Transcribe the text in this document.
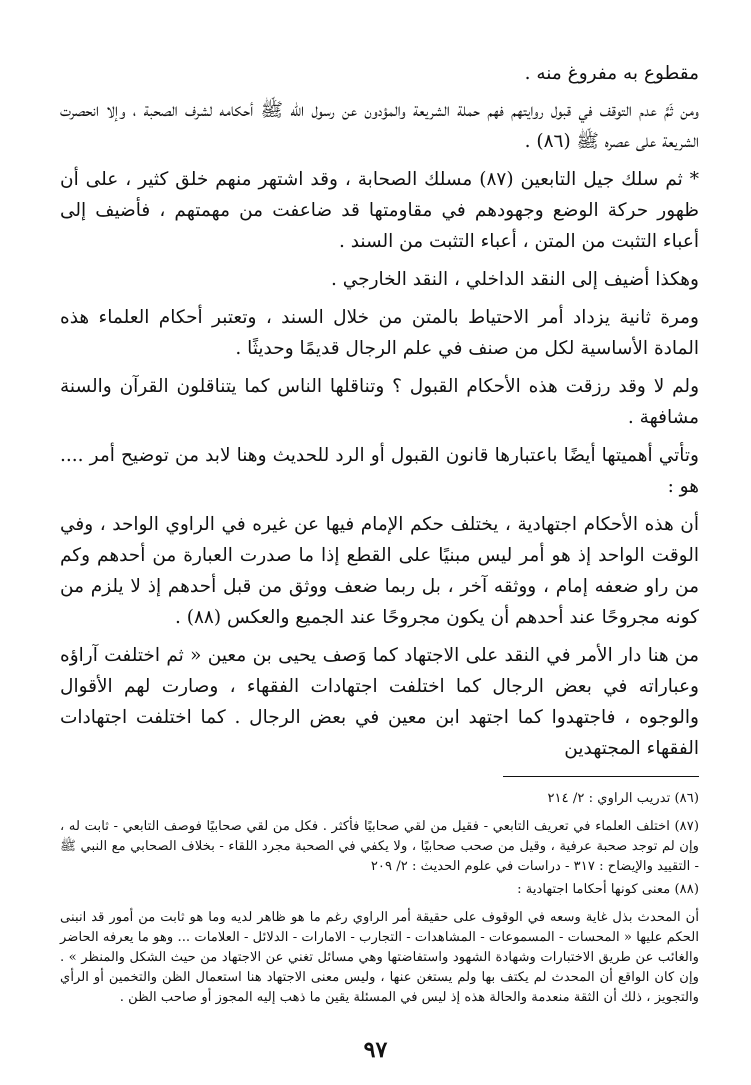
مقطوع به مفروغ منه .

ومن ثَمَّ عدم التوقف في قبول روايتهم فهم حملة الشريعة والمؤدون عن رسول الله ﷺ أحكامه لشرف الصحبة ، وإلا انحصرت الشريعة على عصره ﷺ (٨٦) .

* ثم سلك جيل التابعين (٨٧) مسلك الصحابة ، وقد اشتهر منهم خلق كثير ، على أن ظهور حركة الوضع وجهودهم في مقاومتها قد ضاعفت من مهمتهم ، فأضيف إلى أعباء التثبت من المتن ، أعباء التثبت من السند .

وهكذا أضيف إلى النقد الداخلي ، النقد الخارجي .

ومرة ثانية يزداد أمر الاحتياط بالمتن من خلال السند ، وتعتبر أحكام العلماء هذه المادة الأساسية لكل من صنف في علم الرجال قديمًا وحديثًا .

ولم لا وقد رزقت هذه الأحكام القبول ؟ وتناقلها الناس كما يتناقلون القرآن والسنة مشافهة .

وتأتي أهميتها أيضًا باعتبارها قانون القبول أو الرد للحديث وهنا لابد من توضيح أمر .... هو :

أن هذه الأحكام اجتهادية ، يختلف حكم الإمام فيها عن غيره في الراوي الواحد ، وفي الوقت الواحد إذ هو أمر ليس مبنيًا على القطع إذا ما صدرت العبارة من أحدهم وكم من راو ضعفه إمام ، ووثقه آخر ، بل ربما ضعف ووثق من قبل أحدهم إذ لا يلزم من كونه مجروحًا عند أحدهم أن يكون مجروحًا عند الجميع والعكس (٨٨) .

من هنا دار الأمر في النقد على الاجتهاد كما وَصف يحيى بن معين « ثم اختلفت آراؤه وعباراته في بعض الرجال كما اختلفت اجتهادات الفقهاء ، وصارت لهم الأقوال والوجوه ، فاجتهدوا كما اجتهد ابن معين في بعض الرجال . كما اختلفت اجتهادات الفقهاء المجتهدين

(٨٦) تدريب الراوي : ٢/ ٢١٤

(٨٧) اختلف العلماء في تعريف التابعي - فقيل من لقي صحابيًا فأكثر . فكل من لقي صحابيًا فوصف التابعي - ثابت له ، وإن لم توجد صحبة عرفية ، وقيل من صحب صحابيًا ، ولا يكفي في الصحبة مجرد اللقاء - بخلاف الصحابي مع النبي ﷺ - التقييد والإيضاح : ٣١٧ - دراسات في علوم الحديث : ٢/ ٢٠٩

(٨٨) معنى كونها أحكاما اجتهادية :

أن المحدث بذل غاية وسعه في الوقوف على حقيقة أمر الراوي رغم ما هو ظاهر لديه وما هو ثابت من أمور قد انبنى الحكم عليها « المحسات - المسموعات - المشاهدات - التجارب - الامارات - الدلائل - العلامات ... وهو ما يعرفه الحاضر والغائب عن طريق الاختبارات وشهادة الشهود واستفاضتها وهي مسائل تغني عن الاجتهاد من حيث الشكل والمنظر » . وإن كان الواقع أن المحدث لم يكتف بها ولم يستغن عنها ، وليس معنى الاجتهاد هنا استعمال الظن والتخمين أو الرأي والتجويز ، ذلك أن الثقة منعدمة والحالة هذه إذ ليس في المسئلة يقين ما ذهب إليه المجوز أو صاحب الظن .

٩٧
